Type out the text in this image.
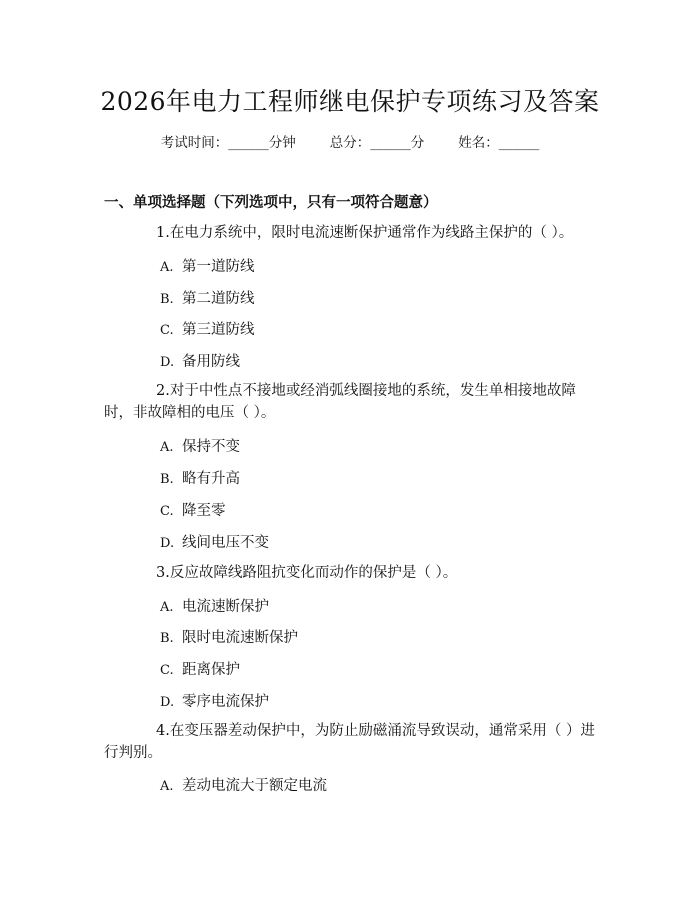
2026年电力工程师继电保护专项练习及答案
考试时间：______分钟	总分：______分	姓名：______
一、单项选择题（下列选项中，只有一项符合题意）
1.在电力系统中，限时电流速断保护通常作为线路主保护的（ ）。
A. 第一道防线
B. 第二道防线
C. 第三道防线
D. 备用防线
2.对于中性点不接地或经消弧线圈接地的系统，发生单相接地故障时，非故障相的电压（ ）。
A. 保持不变
B. 略有升高
C. 降至零
D. 线间电压不变
3.反应故障线路阻抗变化而动作的保护是（ ）。
A. 电流速断保护
B. 限时电流速断保护
C. 距离保护
D. 零序电流保护
4.在变压器差动保护中，为防止励磁涌流导致误动，通常采用（ ）进行判别。
A. 差动电流大于额定电流
